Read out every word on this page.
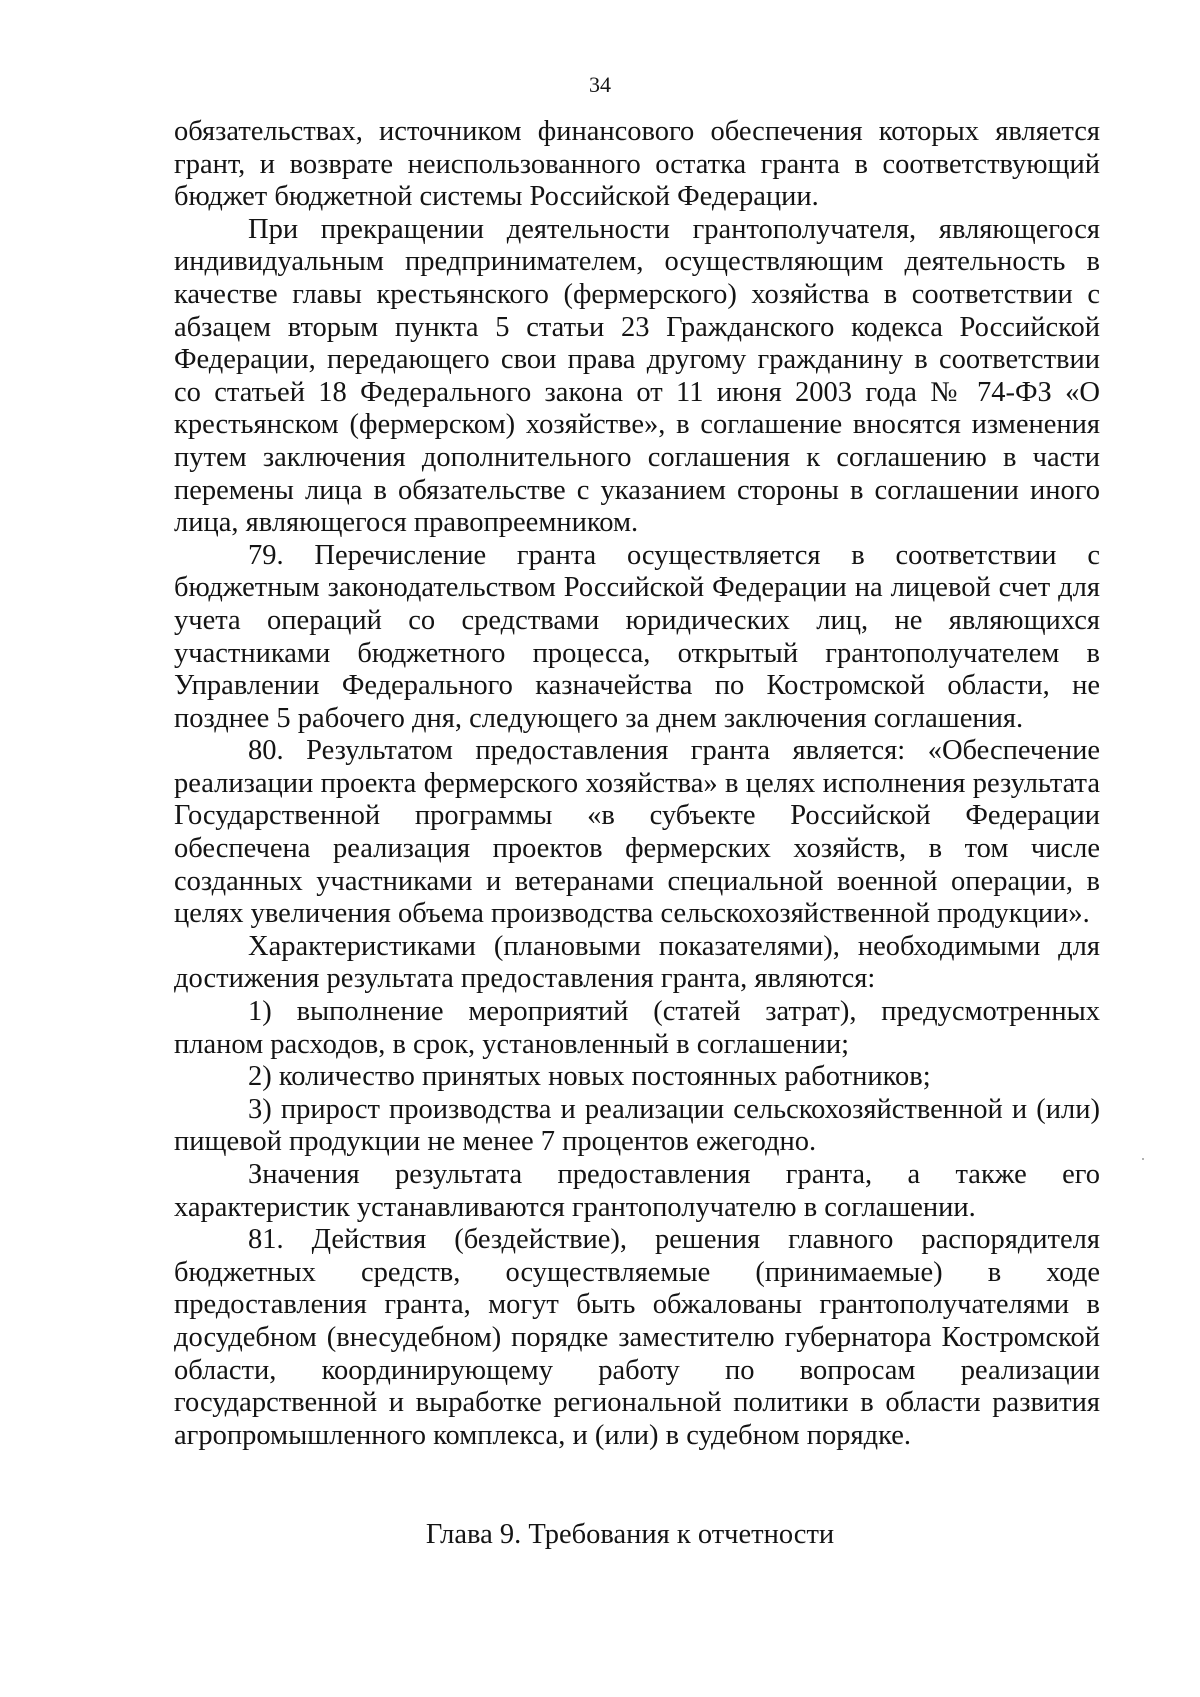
34

обязательствах, источником финансового обеспечения которых является грант, и возврате неиспользованного остатка гранта в соответствующий бюджет бюджетной системы Российской Федерации.

При прекращении деятельности грантополучателя, являющегося индивидуальным предпринимателем, осуществляющим деятельность в качестве главы крестьянского (фермерского) хозяйства в соответствии с абзацем вторым пункта 5 статьи 23 Гражданского кодекса Российской Федерации, передающего свои права другому гражданину в соответствии со статьей 18 Федерального закона от 11 июня 2003 года № 74-ФЗ «О крестьянском (фермерском) хозяйстве», в соглашение вносятся изменения путем заключения дополнительного соглашения к соглашению в части перемены лица в обязательстве с указанием стороны в соглашении иного лица, являющегося правопреемником.

79. Перечисление гранта осуществляется в соответствии с бюджетным законодательством Российской Федерации на лицевой счет для учета операций со средствами юридических лиц, не являющихся участниками бюджетного процесса, открытый грантополучателем в Управлении Федерального казначейства по Костромской области, не позднее 5 рабочего дня, следующего за днем заключения соглашения.

80. Результатом предоставления гранта является: «Обеспечение реализации проекта фермерского хозяйства» в целях исполнения результата Государственной программы «в субъекте Российской Федерации обеспечена реализация проектов фермерских хозяйств, в том числе созданных участниками и ветеранами специальной военной операции, в целях увеличения объема производства сельскохозяйственной продукции».

Характеристиками (плановыми показателями), необходимыми для достижения результата предоставления гранта, являются:

1) выполнение мероприятий (статей затрат), предусмотренных планом расходов, в срок, установленный в соглашении;

2) количество принятых новых постоянных работников;

3) прирост производства и реализации сельскохозяйственной и (или) пищевой продукции не менее 7 процентов ежегодно.

Значения результата предоставления гранта, а также его характеристик устанавливаются грантополучателю в соглашении.

81. Действия (бездействие), решения главного распорядителя бюджетных средств, осуществляемые (принимаемые) в ходе предоставления гранта, могут быть обжалованы грантополучателями в досудебном (внесудебном) порядке заместителю губернатора Костромской области, координирующему работу по вопросам реализации государственной и выработке региональной политики в области развития агропромышленного комплекса, и (или) в судебном порядке.

Глава 9. Требования к отчетности
